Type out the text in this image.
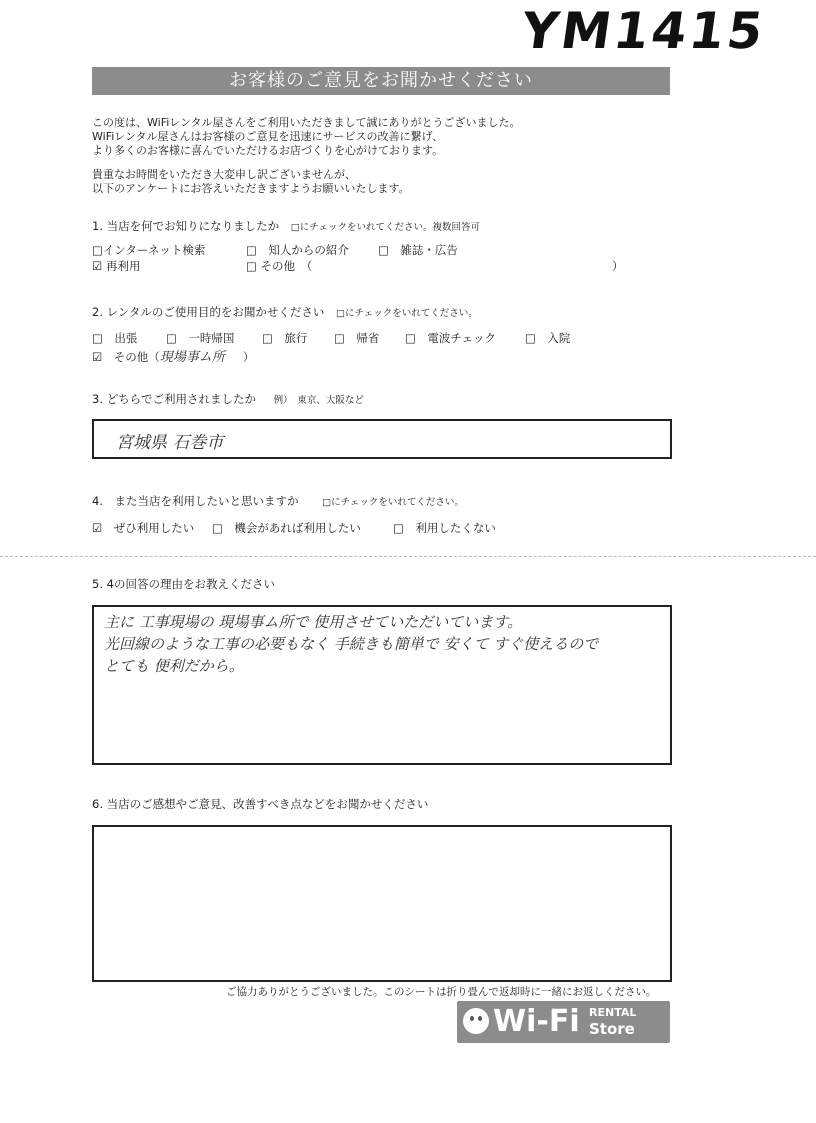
YM1415
お客様のご意見をお聞かせください

この度は、WiFiレンタル屋さんをご利用いただきまして誠にありがとうございました。
WiFiレンタル屋さんはお客様のご意見を迅速にサービスの改善に繋げ、
より多くのお客様に喜んでいただけるお店づくりを心がけております。

貴重なお時間をいただき大変申し訳ございませんが、
以下のアンケートにお答えいただきますようお願いいたします。

1. 当店を何でお知りになりましたか □にチェックをいれてください。複数回答可
□インターネット検索	□　知人からの紹介	□　雑誌・広告
☑ 再利用	□ その他　（	）
2. レンタルのご使用目的をお聞かせください □にチェックをいれてください。
□　出張 □　一時帰国 □　旅行 □　帰省 □　電波チェック	□　入院
☑　その他（現場事ム所 ）
3. どちらでご利用されましたか 例）　東京、大阪など
宮城県 石巻市
4.　また当店を利用したいと思いますか □にチェックをいれてください。
☑　ぜひ利用したい □　機会があれば利用したい	□　利用したくない
5. 4の回答の理由をお教えください
主に 工事現場の 現場事ム所で 使用させていただいています。
光回線のような工事の必要もなく 手続きも簡単で 安くて すぐ使えるので
とても 便利だから。
6. 当店のご感想やご意見、改善すべき点などをお聞かせください
ご協力ありがとうございました。このシートは折り畳んで返却時に一緒にお返しください。
Wi-Fi RENTAL
Store
